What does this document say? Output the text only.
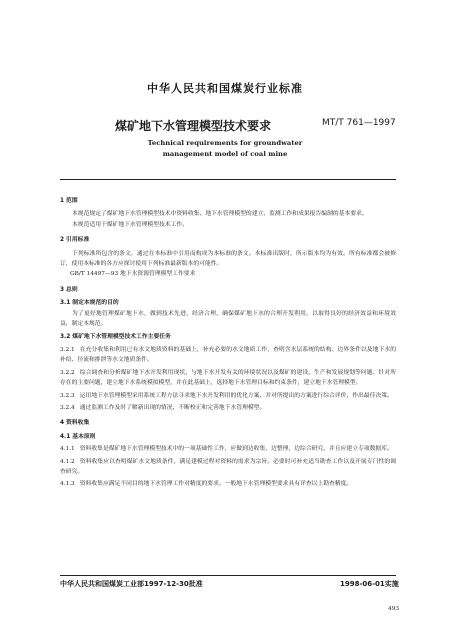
中华人民共和国煤炭行业标准
煤矿地下水管理模型技术要求	MT/T 761—1997
Technical requirements for groundwater
management model of coal mine
1 范围

本规范规定了煤矿地下水管理模型技术中资料收集、地下水管理模型的建立、监测工作和成果报告编制的基本要求。

本规范适用于煤矿地下水管理模型技术工作。

2 引用标准

下列标准所包含的条文，通过在本标准中引用而构成为本标准的条文。本标准出版时，所示版本均为有效。所有标准都会被修订，使用本标准的各方应探讨使用下列标准最新版本的可能性。

GB/T 14497—93 地下水资源管理模型工作要求

3 总则
3.1 制定本规范的目的

为了更好地管理煤矿地下水，做到技术先进、经济合理，确保煤矿地下水的合理开发利用，以取得良好的经济效益和环境效益，制定本规范。

3.2 煤矿地下水管理模型技术工作主要任务

3.2.1 在充分收集和利用已有水文地质资料的基础上，补充必要的水文地质工作，查明含水层系统的结构、边界条件以及地下水的补给、径流和排泄等水文地质条件。

3.2.2 综合调查和分析煤矿地下水开发利用现状，与地下水开发有关的环境状况以及煤矿的建设、生产和发展规划等问题。针对所存在的主要问题，建立地下水系统模拟模型，并在此基础上，选择地下水管理目标和约束条件，建立地下水管理模型。

3.2.3 运用地下水管理模型采用系统工程方法寻求地下水开发利用的优化方案，并对所提出的方案进行综合评价，作出最佳决策。

3.2.4 通过监测工作及时了解新出现的情况，不断校正和完善地下水管理模型。

4 资料收集
4.1 基本原则

4.1.1 资料收集是煤矿地下水管理模型技术中的一项基础性工作，应做到边收集，边整理，边综合研究，并且应建立专项数据库。

4.1.2 资料收集应以查明煤矿水文地质条件，满足建模过程对资料的需求为宗旨。必要时可补充适当勘查工作以及开展专门性的调查研究。

4.1.3 资料收集应满足不同目的地下水管理工作对精度的要求。一般地下水管理模型要求具有详查以上勘查精度。

中华人民共和国煤炭工业部1997-12-30批准	1998-06-01实施
493
